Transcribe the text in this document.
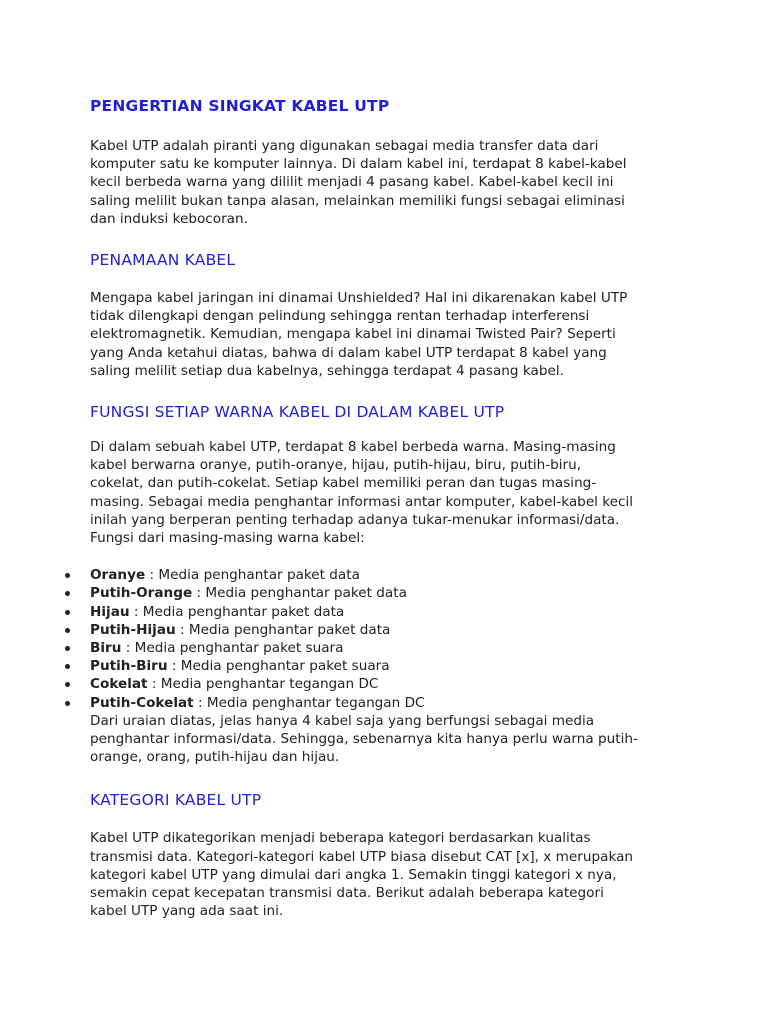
PENGERTIAN SINGKAT KABEL UTP

Kabel UTP adalah piranti yang digunakan sebagai media transfer data dari
komputer satu ke komputer lainnya. Di dalam kabel ini, terdapat 8 kabel-kabel
kecil berbeda warna yang dililit menjadi 4 pasang kabel. Kabel-kabel kecil ini
saling melilit bukan tanpa alasan, melainkan memiliki fungsi sebagai eliminasi
dan induksi kebocoran.

PENAMAAN KABEL

Mengapa kabel jaringan ini dinamai Unshielded? Hal ini dikarenakan kabel UTP
tidak dilengkapi dengan pelindung sehingga rentan terhadap interferensi
elektromagnetik. Kemudian, mengapa kabel ini dinamai Twisted Pair? Seperti
yang Anda ketahui diatas, bahwa di dalam kabel UTP terdapat 8 kabel yang
saling melilit setiap dua kabelnya, sehingga terdapat 4 pasang kabel.

FUNGSI SETIAP WARNA KABEL DI DALAM KABEL UTP

Di dalam sebuah kabel UTP, terdapat 8 kabel berbeda warna. Masing-masing
kabel berwarna oranye, putih-oranye, hijau, putih-hijau, biru, putih-biru,
cokelat, dan putih-cokelat. Setiap kabel memiliki peran dan tugas masing-
masing. Sebagai media penghantar informasi antar komputer, kabel-kabel kecil
inilah yang berperan penting terhadap adanya tukar-menukar informasi/data.
Fungsi dari masing-masing warna kabel:

Oranye : Media penghantar paket data
Putih-Orange : Media penghantar paket data
Hijau : Media penghantar paket data
Putih-Hijau : Media penghantar paket data
Biru : Media penghantar paket suara
Putih-Biru : Media penghantar paket suara
Cokelat : Media penghantar tegangan DC
Putih-Cokelat : Media penghantar tegangan DC

Dari uraian diatas, jelas hanya 4 kabel saja yang berfungsi sebagai media
penghantar informasi/data. Sehingga, sebenarnya kita hanya perlu warna putih-
orange, orang, putih-hijau dan hijau.

KATEGORI KABEL UTP

Kabel UTP dikategorikan menjadi beberapa kategori berdasarkan kualitas
transmisi data. Kategori-kategori kabel UTP biasa disebut CAT [x], x merupakan
kategori kabel UTP yang dimulai dari angka 1. Semakin tinggi kategori x nya,
semakin cepat kecepatan transmisi data. Berikut adalah beberapa kategori
kabel UTP yang ada saat ini.
